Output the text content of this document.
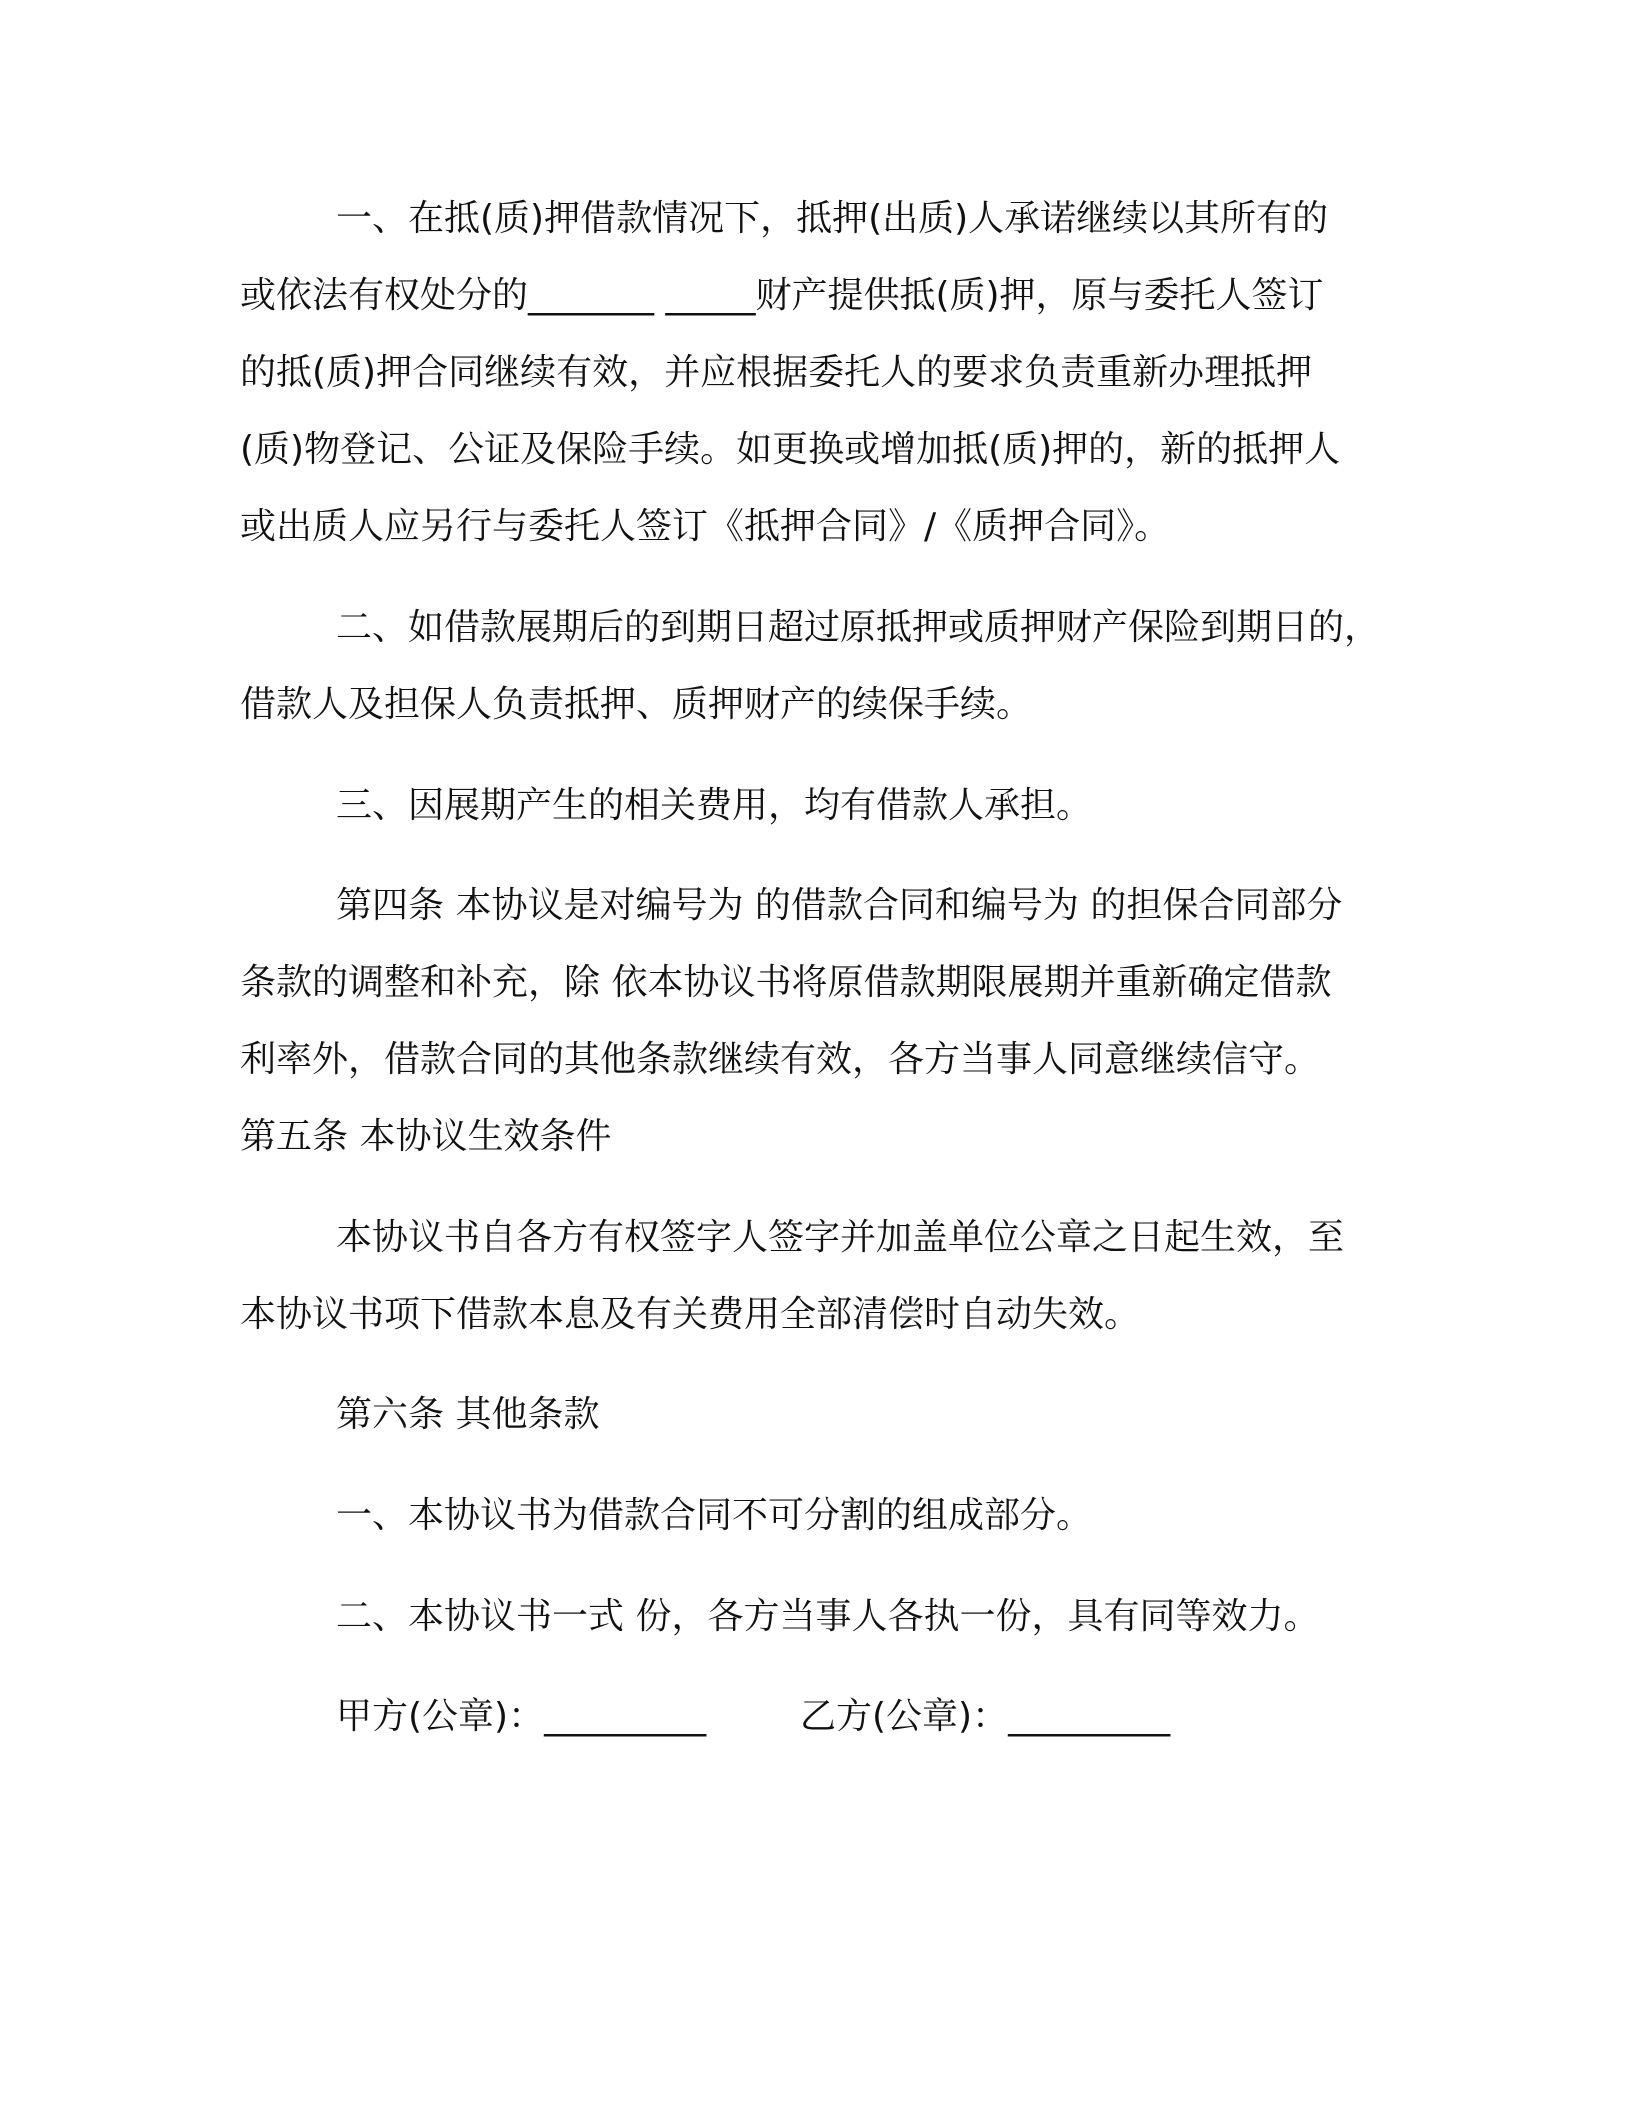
一、在抵(质)押借款情况下，抵押(出质)人承诺继续以其所有的
或依法有权处分的_______ _____财产提供抵(质)押，原与委托人签订
的抵(质)押合同继续有效，并应根据委托人的要求负责重新办理抵押
(质)物登记、公证及保险手续。如更换或增加抵(质)押的，新的抵押人
或出质人应另行与委托人签订《抵押合同》/《质押合同》。
二、如借款展期后的到期日超过原抵押或质押财产保险到期日的，
借款人及担保人负责抵押、质押财产的续保手续。
三、因展期产生的相关费用，均有借款人承担。
第四条 本协议是对编号为 的借款合同和编号为 的担保合同部分
条款的调整和补充，除 依本协议书将原借款期限展期并重新确定借款
利率外，借款合同的其他条款继续有效，各方当事人同意继续信守。
第五条 本协议生效条件
本协议书自各方有权签字人签字并加盖单位公章之日起生效，至
本协议书项下借款本息及有关费用全部清偿时自动失效。
第六条 其他条款
一、本协议书为借款合同不可分割的组成部分。
二、本协议书一式 份，各方当事人各执一份，具有同等效力。
甲方(公章)：_________	乙方(公章)：_________
